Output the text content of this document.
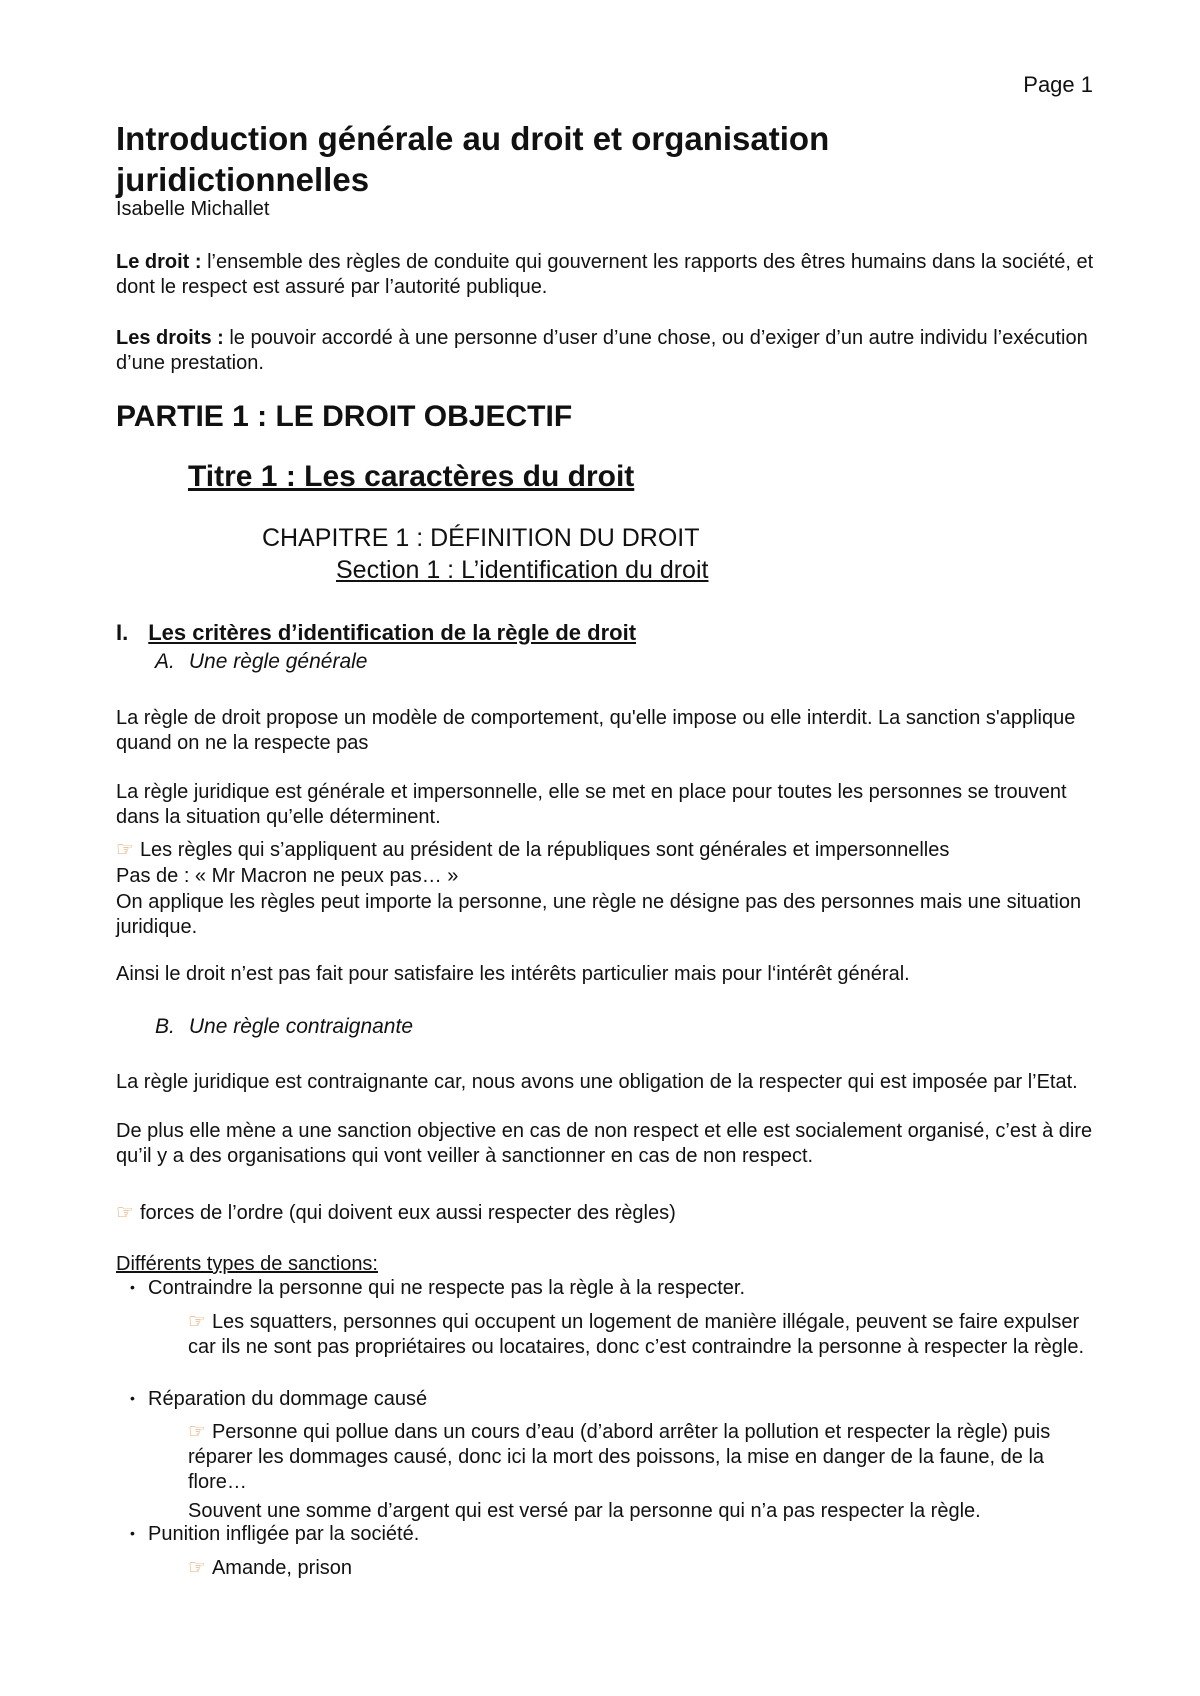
Page 1
Introduction générale au droit et organisation juridictionnelles
Isabelle Michallet
Le droit : l’ensemble des règles de conduite qui gouvernent les rapports des êtres humains dans la société, et dont le respect est assuré par l’autorité publique.
Les droits : le pouvoir accordé à une personne d’user d’une chose, ou d’exiger d’un autre individu l’exécution d’une prestation.
PARTIE 1 : LE DROIT OBJECTIF
Titre 1 : Les caractères du droit
CHAPITRE 1 : DÉFINITION DU DROIT
Section 1 : L’identification du droit
I. Les critères d’identification de la règle de droit
A. Une règle générale
La règle de droit propose un modèle de comportement, qu'elle impose ou elle interdit. La sanction s'applique quand on ne la respecte pas
La règle juridique est générale et impersonnelle, elle se met en place pour toutes les personnes se trouvent dans la situation qu’elle déterminent.
☞ Les règles qui s’appliquent au président de la républiques sont générales et impersonnelles
Pas de : « Mr Macron ne peux pas… »
On applique les règles peut importe la personne, une règle ne désigne pas des personnes mais une situation juridique.
Ainsi le droit n’est pas fait pour satisfaire les intérêts particulier mais pour l‘intérêt général.
B. Une règle contraignante
La règle juridique est contraignante car, nous avons une obligation de la respecter qui est imposée par l’Etat.
De plus elle mène a une sanction objective en cas de non respect et elle est socialement organisé, c’est à dire qu’il y a des organisations qui vont veiller à sanctionner en cas de non respect.
☞ forces de l’ordre (qui doivent eux aussi respecter des règles)
Différents types de sanctions:
• Contraindre la personne qui ne respecte pas la règle à la respecter.
☞ Les squatters, personnes qui occupent un logement de manière illégale, peuvent se faire expulser car ils ne sont pas propriétaires ou locataires, donc c’est contraindre la personne à respecter la règle.
• Réparation du dommage causé
☞ Personne qui pollue dans un cours d’eau (d’abord arrêter la pollution et respecter la règle) puis réparer les dommages causé, donc ici la mort des poissons, la mise en danger de la faune, de la flore…
Souvent une somme d’argent qui est versé par la personne qui n’a pas respecter la règle.
• Punition infligée par la société.
☞ Amande, prison
